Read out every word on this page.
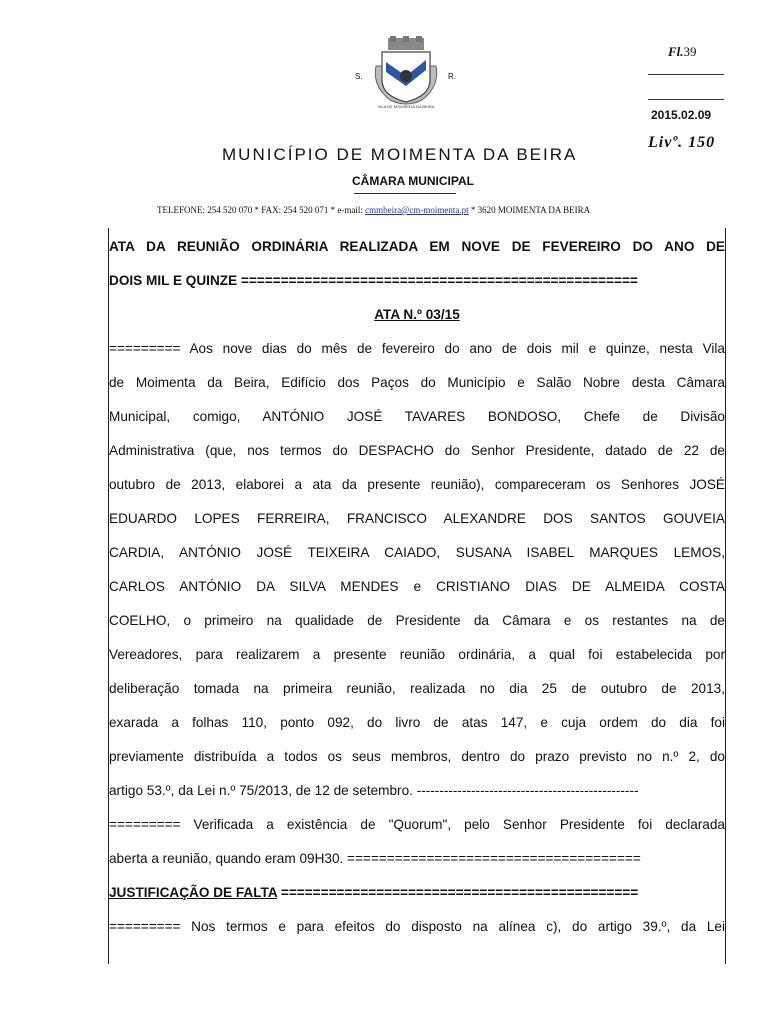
VILA DE MOIMENTA DA BEIRA
S.	R.
Fl.39
2015.02.09
Livº. 150
MUNICÍPIO DE MOIMENTA DA BEIRA
CÂMARA MUNICIPAL
TELEFONE: 254 520 070 * FAX: 254 520 071 * e-mail: cmmbeira@cm-moimenta.pt * 3620 MOIMENTA DA BEIRA
ATA DA REUNIÃO ORDINÁRIA REALIZADA EM NOVE DE FEVEREIRO DO ANO DE
DOIS MIL E QUINZE ==================================================
ATA N.º 03/15
========= Aos nove dias do mês de fevereiro do ano de dois mil e quinze, nesta Vila
de Moimenta da Beira, Edifício dos Paços do Município e Salão Nobre desta Câmara
Municipal, comigo, ANTÓNIO JOSÉ TAVARES BONDOSO, Chefe de Divisão
Administrativa (que, nos termos do DESPACHO do Senhor Presidente, datado de 22 de
outubro de 2013, elaborei a ata da presente reunião), compareceram os Senhores JOSÉ
EDUARDO LOPES FERREIRA, FRANCISCO ALEXANDRE DOS SANTOS GOUVEIA
CARDIA, ANTÓNIO JOSÉ TEIXEIRA CAIADO, SUSANA ISABEL MARQUES LEMOS,
CARLOS ANTÓNIO DA SILVA MENDES e CRISTIANO DIAS DE ALMEIDA COSTA
COELHO, o primeiro na qualidade de Presidente da Câmara e os restantes na de
Vereadores, para realizarem a presente reunião ordinária, a qual foi estabelecida por
deliberação tomada na primeira reunião, realizada no dia 25 de outubro de 2013,
exarada a folhas 110, ponto 092, do livro de atas 147, e cuja ordem do dia foi
previamente distribuída a todos os seus membros, dentro do prazo previsto no n.º 2, do
artigo 53.º, da Lei n.º 75/2013, de 12 de setembro. -------------------------------------------------
========= Verificada a existência de "Quorum", pelo Senhor Presidente foi declarada
aberta a reunião, quando eram 09H30. =====================================
JUSTIFICAÇÃO DE FALTA =============================================
========= Nos termos e para efeitos do disposto na alínea c), do artigo 39.º, da Lei
